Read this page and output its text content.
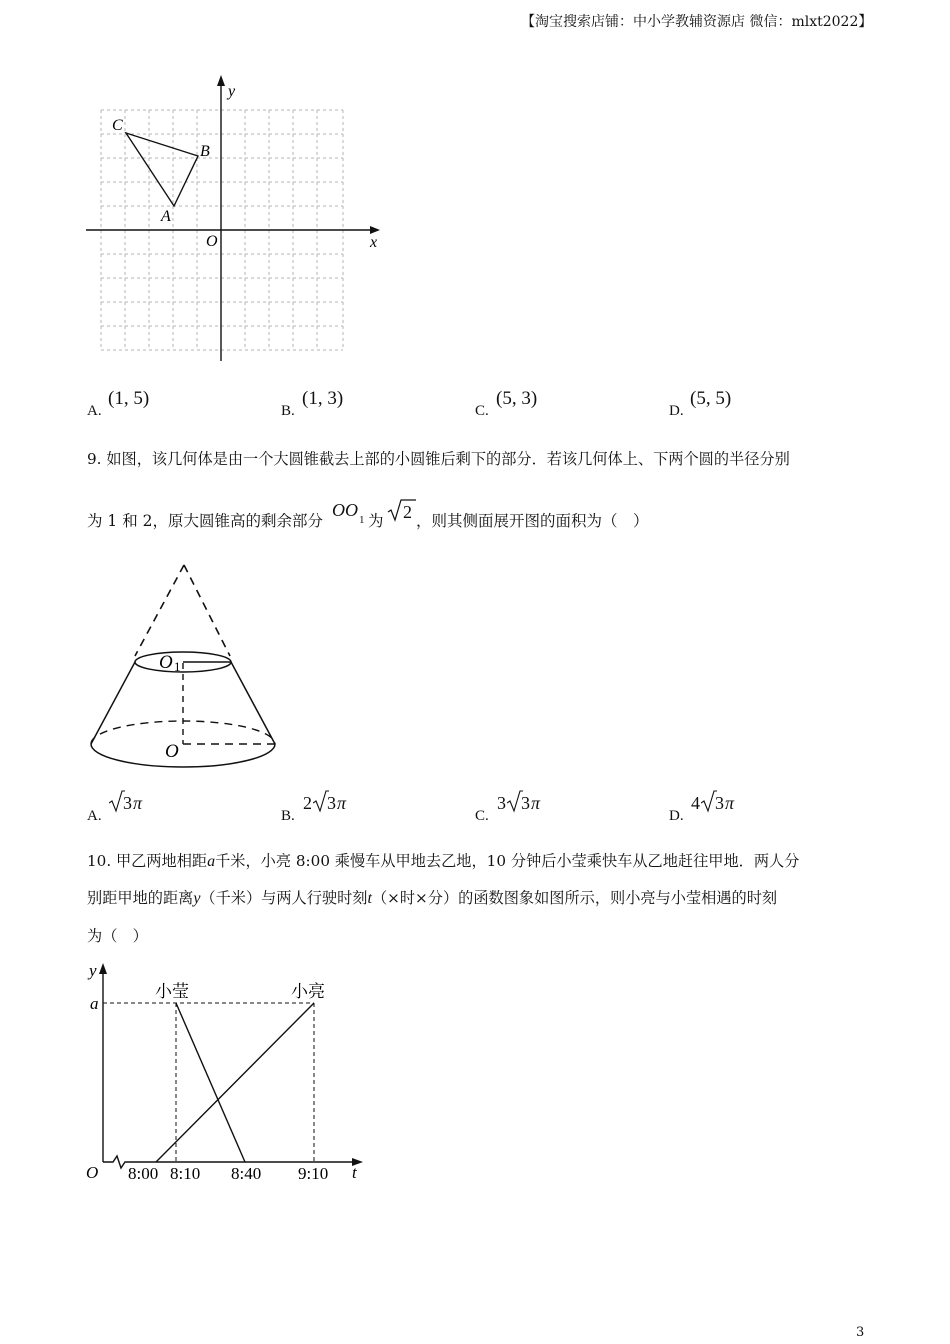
【淘宝搜索店铺：中小学教辅资源店 微信：mlxt2022】
y
x
O
A
B
C
A.
(1, 5)
B.
(1, 3)
C.
(5, 3)
D.
(5, 5)
9. 如图，该几何体是由一个大圆锥截去上部的小圆锥后剩下的部分．若该几何体上、下两个圆的半径分别
为 1 和 2，原大圆锥高的剩余部分
OO 1 为 2 ，则其侧面展开图的面积为（　）
O 1
O
A.
3 π
B.
2 3 π
C.
3 3 π
D.
4 3 π
10. 甲乙两地相距a千米，小亮 8:00 乘慢车从甲地去乙地，10 分钟后小莹乘快车从乙地赶往甲地．两人分
别距甲地的距离y（千米）与两人行驶时刻t（×时×分）的函数图象如图所示，则小亮与小莹相遇的时刻
为（　）
y
t
O
a
小莹	小亮
8:00 8:10 8:40 9:10
3
